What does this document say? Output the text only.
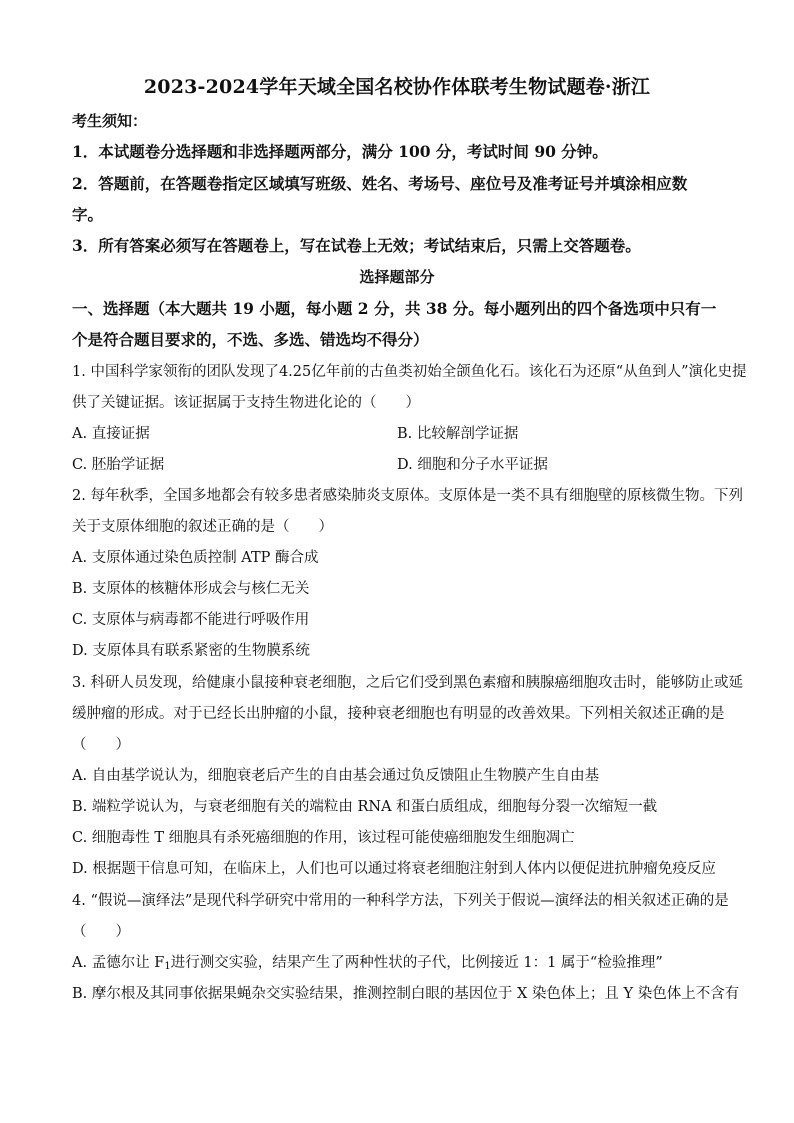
2023-2024学年天域全国名校协作体联考生物试题卷·浙江
考生须知：
1．本试题卷分选择题和非选择题两部分，满分 100 分，考试时间 90 分钟。
2．答题前，在答题卷指定区域填写班级、姓名、考场号、座位号及准考证号并填涂相应数
字。
3．所有答案必须写在答题卷上，写在试卷上无效；考试结束后，只需上交答题卷。
选择题部分
一、选择题（本大题共 19 小题，每小题 2 分，共 38 分。每小题列出的四个备选项中只有一
个是符合题目要求的，不选、多选、错选均不得分）
1. 中国科学家领衔的团队发现了4.25亿年前的古鱼类初始全颌鱼化石。该化石为还原“从鱼到人”演化史提
供了关键证据。该证据属于支持生物进化论的（　　）
A. 直接证据	B. 比较解剖学证据
C. 胚胎学证据	D. 细胞和分子水平证据
2. 每年秋季，全国多地都会有较多患者感染肺炎支原体。支原体是一类不具有细胞壁的原核微生物。下列
关于支原体细胞的叙述正确的是（　　）
A. 支原体通过染色质控制 ATP 酶合成
B. 支原体的核糖体形成会与核仁无关
C. 支原体与病毒都不能进行呼吸作用
D. 支原体具有联系紧密的生物膜系统
3. 科研人员发现，给健康小鼠接种衰老细胞，之后它们受到黑色素瘤和胰腺癌细胞攻击时，能够防止或延
缓肿瘤的形成。对于已经长出肿瘤的小鼠，接种衰老细胞也有明显的改善效果。下列相关叙述正确的是
（　　）
A. 自由基学说认为，细胞衰老后产生的自由基会通过负反馈阻止生物膜产生自由基
B. 端粒学说认为，与衰老细胞有关的端粒由 RNA 和蛋白质组成，细胞每分裂一次缩短一截
C. 细胞毒性 T 细胞具有杀死癌细胞的作用，该过程可能使癌细胞发生细胞凋亡
D. 根据题干信息可知，在临床上，人们也可以通过将衰老细胞注射到人体内以便促进抗肿瘤免疫反应
4. “假说—演绎法”是现代科学研究中常用的一种科学方法，下列关于假说—演绎法的相关叙述正确的是
（　　）
A. 孟德尔让 $F_1$进行测交实验，结果产生了两种性状的子代，比例接近 1：1 属于“检验推理”
B. 摩尔根及其同事依据果蝇杂交实验结果，推测控制白眼的基因位于 X 染色体上；且 Y 染色体上不含有
